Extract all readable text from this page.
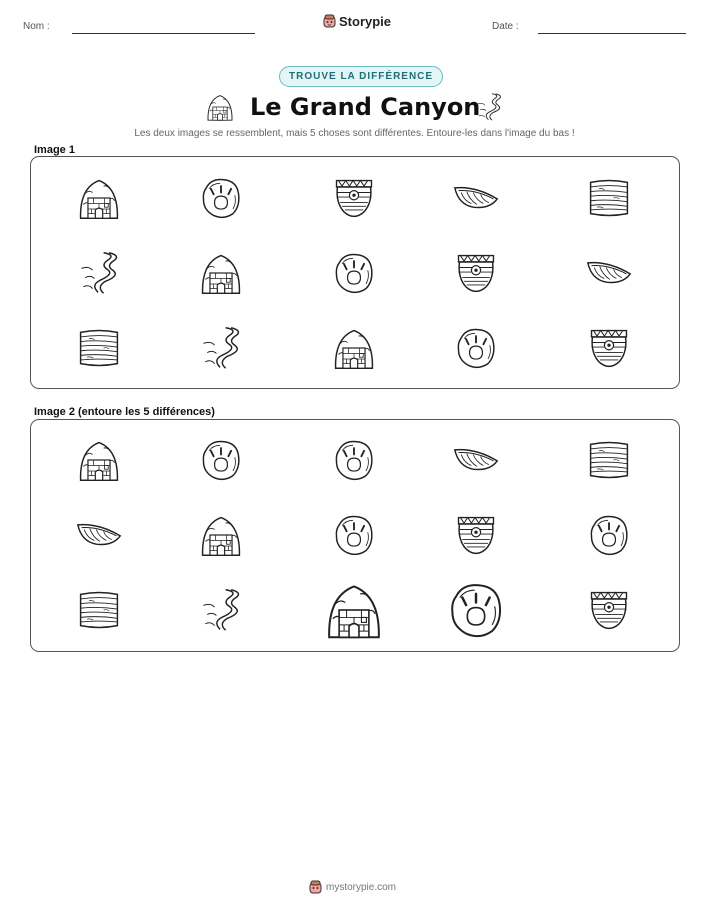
Nom :	Storypie	Date :
TROUVE LA DIFFÉRENCE
Le Grand Canyon
Les deux images se ressemblent, mais 5 choses sont différentes. Entoure-les dans l'image du bas !
Image 1
Image 2 (entoure les 5 différences)
mystorypie.com
